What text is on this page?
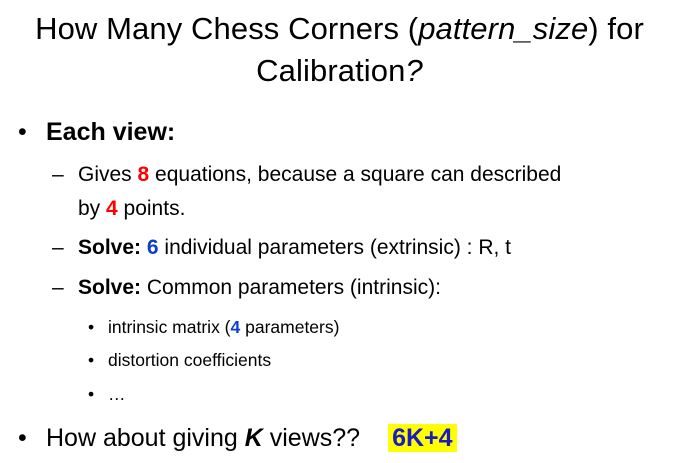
How Many Chess Corners (pattern_size) for
Calibration?
• Each view:
– Gives 8 equations, because a square can described
by 4 points.
– Solve: 6 individual parameters (extrinsic) : R, t
– Solve: Common parameters (intrinsic):
• intrinsic matrix (4 parameters)
• distortion coefficients
• …
• How about giving K views?? 6K+4
